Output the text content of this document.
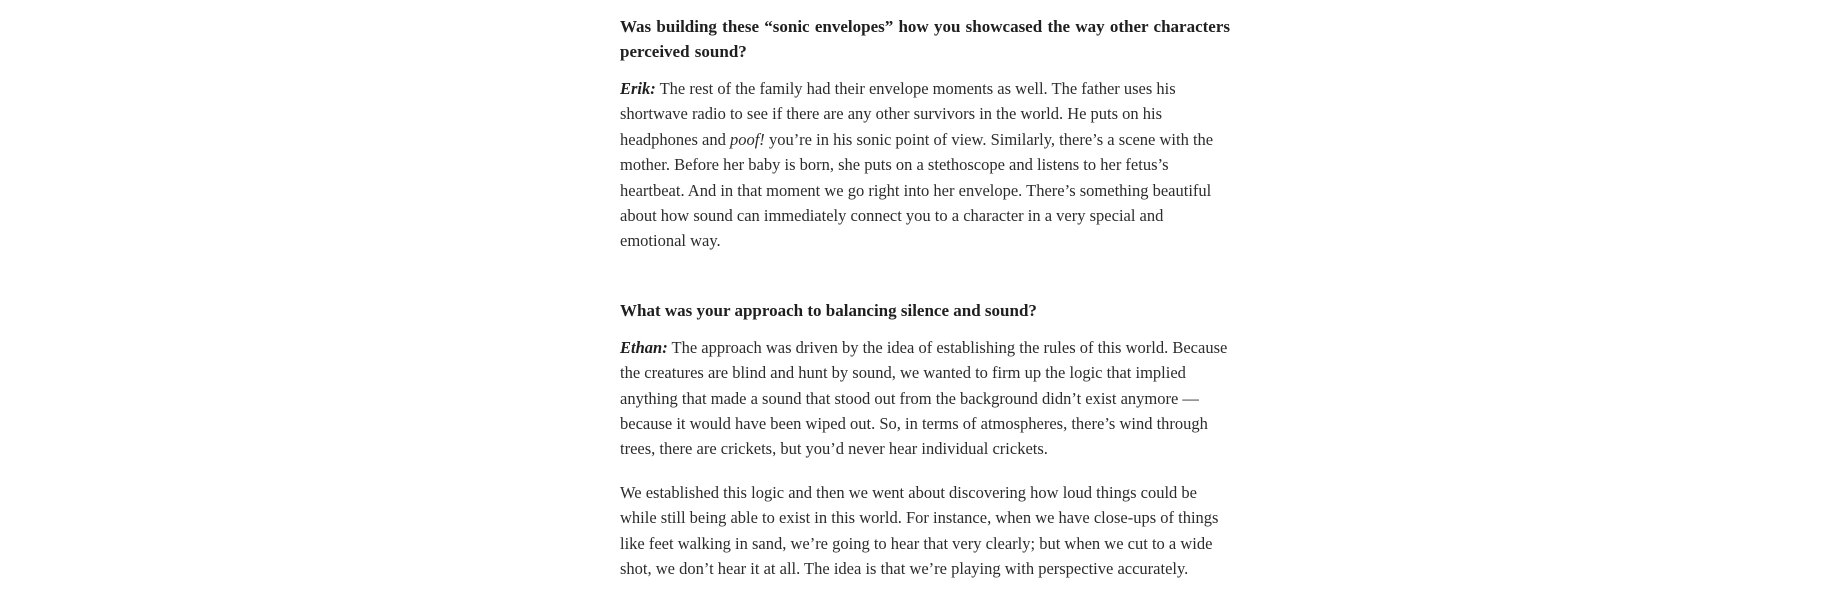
Was building these “sonic envelopes” how you showcased the way other characters perceived sound?

Erik: The rest of the family had their envelope moments as well. The father uses his shortwave radio to see if there are any other survivors in the world. He puts on his headphones and poof! you’re in his sonic point of view. Similarly, there’s a scene with the mother. Before her baby is born, she puts on a stethoscope and listens to her fetus’s heartbeat. And in that moment we go right into her envelope. There’s something beautiful about how sound can immediately connect you to a character in a very special and emotional way.

What was your approach to balancing silence and sound?

Ethan: The approach was driven by the idea of establishing the rules of this world. Because the creatures are blind and hunt by sound, we wanted to firm up the logic that implied anything that made a sound that stood out from the background didn’t exist anymore — because it would have been wiped out. So, in terms of atmospheres, there’s wind through trees, there are crickets, but you’d never hear individual crickets.

We established this logic and then we went about discovering how loud things could be while still being able to exist in this world. For instance, when we have close-ups of things like feet walking in sand, we’re going to hear that very clearly; but when we cut to a wide shot, we don’t hear it at all. The idea is that we’re playing with perspective accurately.
